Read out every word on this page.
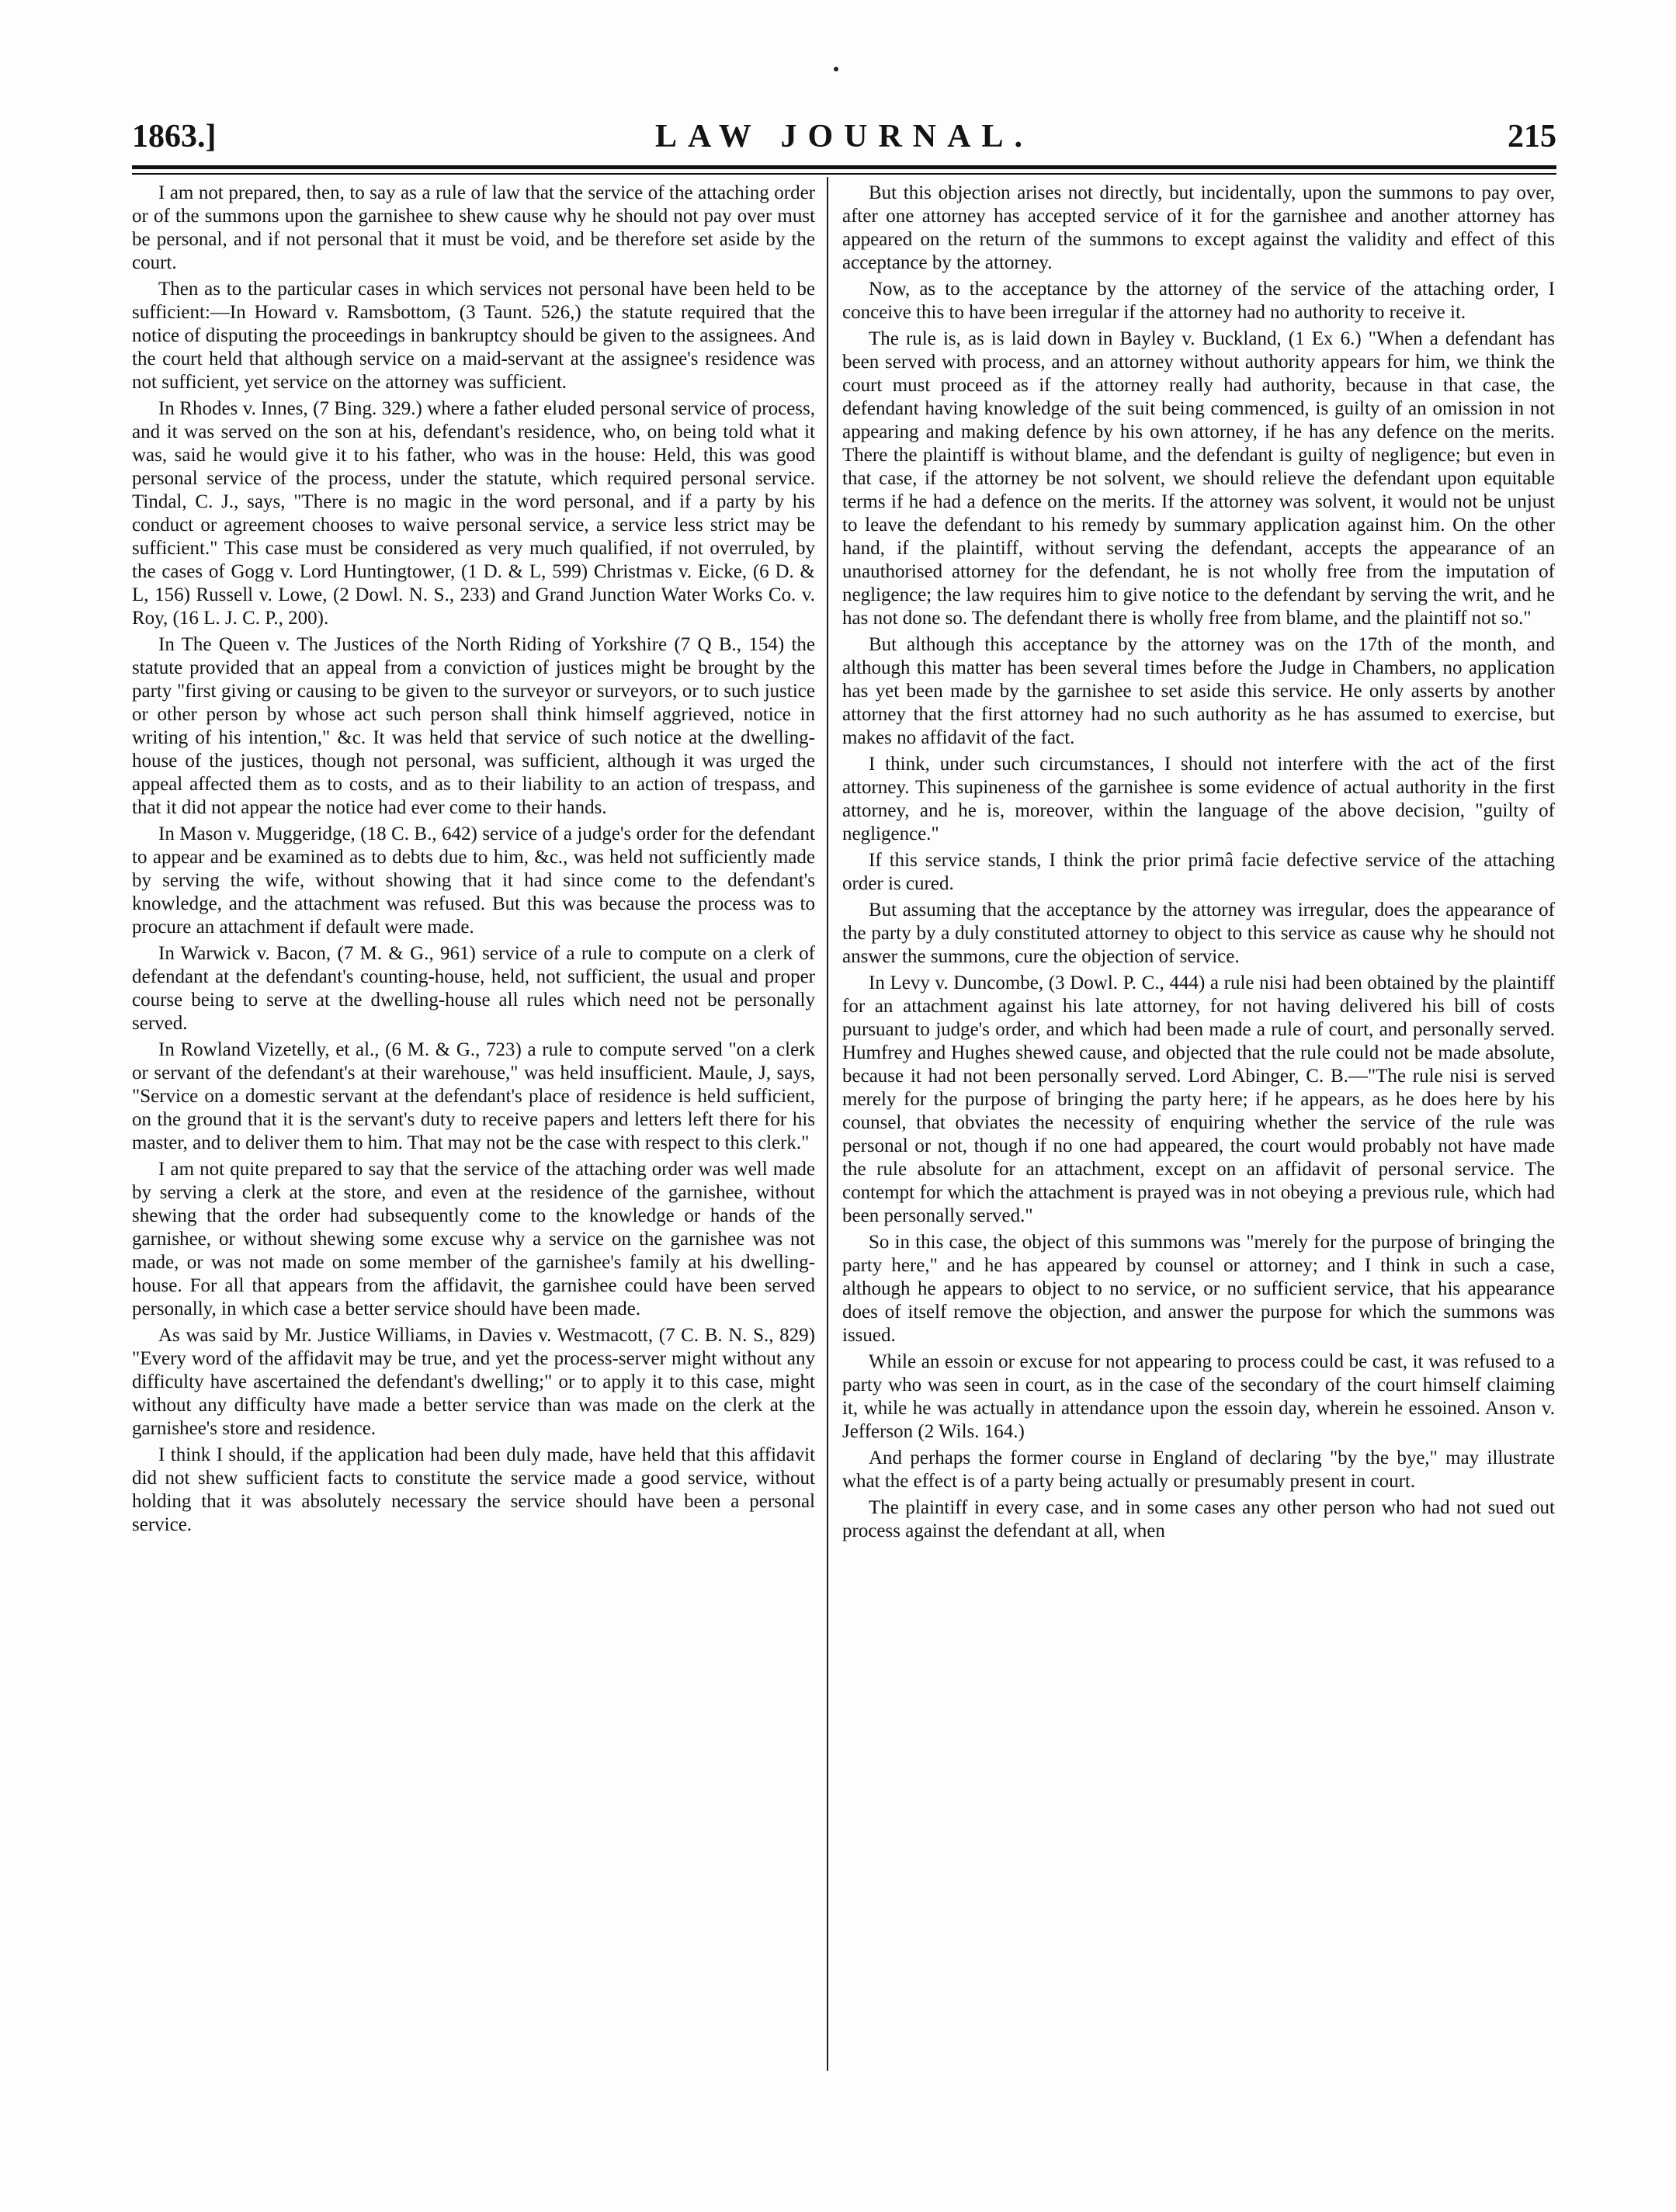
1863.]	LAW JOURNAL.	215

I am not prepared, then, to say as a rule of law that the service of the attaching order or of the summons upon the garnishee to shew cause why he should not pay over must be personal, and if not personal that it must be void, and be therefore set aside by the court.

Then as to the particular cases in which services not personal have been held to be sufficient:—In Howard v. Ramsbottom, (3 Taunt. 526,) the statute required that the notice of disputing the proceedings in bankruptcy should be given to the assignees. And the court held that although service on a maid-servant at the assignee's residence was not sufficient, yet service on the attorney was sufficient.

In Rhodes v. Innes, (7 Bing. 329.) where a father eluded personal service of process, and it was served on the son at his, defendant's residence, who, on being told what it was, said he would give it to his father, who was in the house: Held, this was good personal service of the process, under the statute, which required personal service. Tindal, C. J., says, "There is no magic in the word personal, and if a party by his conduct or agreement chooses to waive personal service, a service less strict may be sufficient." This case must be considered as very much qualified, if not overruled, by the cases of Gogg v. Lord Huntingtower, (1 D. & L, 599) Christmas v. Eicke, (6 D. & L, 156) Russell v. Lowe, (2 Dowl. N. S., 233) and Grand Junction Water Works Co. v. Roy, (16 L. J. C. P., 200).

In The Queen v. The Justices of the North Riding of Yorkshire (7 Q B., 154) the statute provided that an appeal from a conviction of justices might be brought by the party "first giving or causing to be given to the surveyor or surveyors, or to such justice or other person by whose act such person shall think himself aggrieved, notice in writing of his intention," &c. It was held that service of such notice at the dwelling-house of the justices, though not personal, was sufficient, although it was urged the appeal affected them as to costs, and as to their liability to an action of trespass, and that it did not appear the notice had ever come to their hands.

In Mason v. Muggeridge, (18 C. B., 642) service of a judge's order for the defendant to appear and be examined as to debts due to him, &c., was held not sufficiently made by serving the wife, without showing that it had since come to the defendant's knowledge, and the attachment was refused. But this was because the process was to procure an attachment if default were made.

In Warwick v. Bacon, (7 M. & G., 961) service of a rule to compute on a clerk of defendant at the defendant's counting-house, held, not sufficient, the usual and proper course being to serve at the dwelling-house all rules which need not be personally served.

In Rowland Vizetelly, et al., (6 M. & G., 723) a rule to compute served "on a clerk or servant of the defendant's at their warehouse," was held insufficient. Maule, J, says, "Service on a domestic servant at the defendant's place of residence is held sufficient, on the ground that it is the servant's duty to receive papers and letters left there for his master, and to deliver them to him. That may not be the case with respect to this clerk."

I am not quite prepared to say that the service of the attaching order was well made by serving a clerk at the store, and even at the residence of the garnishee, without shewing that the order had subsequently come to the knowledge or hands of the garnishee, or without shewing some excuse why a service on the garnishee was not made, or was not made on some member of the garnishee's family at his dwelling-house. For all that appears from the affidavit, the garnishee could have been served personally, in which case a better service should have been made.

As was said by Mr. Justice Williams, in Davies v. Westmacott, (7 C. B. N. S., 829) "Every word of the affidavit may be true, and yet the process-server might without any difficulty have ascertained the defendant's dwelling;" or to apply it to this case, might without any difficulty have made a better service than was made on the clerk at the garnishee's store and residence.

I think I should, if the application had been duly made, have held that this affidavit did not shew sufficient facts to constitute the service made a good service, without holding that it was absolutely necessary the service should have been a personal service.

But this objection arises not directly, but incidentally, upon the summons to pay over, after one attorney has accepted service of it for the garnishee and another attorney has appeared on the return of the summons to except against the validity and effect of this acceptance by the attorney.

Now, as to the acceptance by the attorney of the service of the attaching order, I conceive this to have been irregular if the attorney had no authority to receive it.

The rule is, as is laid down in Bayley v. Buckland, (1 Ex 6.) "When a defendant has been served with process, and an attorney without authority appears for him, we think the court must proceed as if the attorney really had authority, because in that case, the defendant having knowledge of the suit being commenced, is guilty of an omission in not appearing and making defence by his own attorney, if he has any defence on the merits. There the plaintiff is without blame, and the defendant is guilty of negligence; but even in that case, if the attorney be not solvent, we should relieve the defendant upon equitable terms if he had a defence on the merits. If the attorney was solvent, it would not be unjust to leave the defendant to his remedy by summary application against him. On the other hand, if the plaintiff, without serving the defendant, accepts the appearance of an unauthorised attorney for the defendant, he is not wholly free from the imputation of negligence; the law requires him to give notice to the defendant by serving the writ, and he has not done so. The defendant there is wholly free from blame, and the plaintiff not so."

But although this acceptance by the attorney was on the 17th of the month, and although this matter has been several times before the Judge in Chambers, no application has yet been made by the garnishee to set aside this service. He only asserts by another attorney that the first attorney had no such authority as he has assumed to exercise, but makes no affidavit of the fact.

I think, under such circumstances, I should not interfere with the act of the first attorney. This supineness of the garnishee is some evidence of actual authority in the first attorney, and he is, moreover, within the language of the above decision, "guilty of negligence."

If this service stands, I think the prior primâ facie defective service of the attaching order is cured.

But assuming that the acceptance by the attorney was irregular, does the appearance of the party by a duly constituted attorney to object to this service as cause why he should not answer the summons, cure the objection of service.

In Levy v. Duncombe, (3 Dowl. P. C., 444) a rule nisi had been obtained by the plaintiff for an attachment against his late attorney, for not having delivered his bill of costs pursuant to judge's order, and which had been made a rule of court, and personally served. Humfrey and Hughes shewed cause, and objected that the rule could not be made absolute, because it had not been personally served. Lord Abinger, C. B.—"The rule nisi is served merely for the purpose of bringing the party here; if he appears, as he does here by his counsel, that obviates the necessity of enquiring whether the service of the rule was personal or not, though if no one had appeared, the court would probably not have made the rule absolute for an attachment, except on an affidavit of personal service. The contempt for which the attachment is prayed was in not obeying a previous rule, which had been personally served."

So in this case, the object of this summons was "merely for the purpose of bringing the party here," and he has appeared by counsel or attorney; and I think in such a case, although he appears to object to no service, or no sufficient service, that his appearance does of itself remove the objection, and answer the purpose for which the summons was issued.

While an essoin or excuse for not appearing to process could be cast, it was refused to a party who was seen in court, as in the case of the secondary of the court himself claiming it, while he was actually in attendance upon the essoin day, wherein he essoined. Anson v. Jefferson (2 Wils. 164.)

And perhaps the former course in England of declaring "by the bye," may illustrate what the effect is of a party being actually or presumably present in court.

The plaintiff in every case, and in some cases any other person who had not sued out process against the defendant at all, when
